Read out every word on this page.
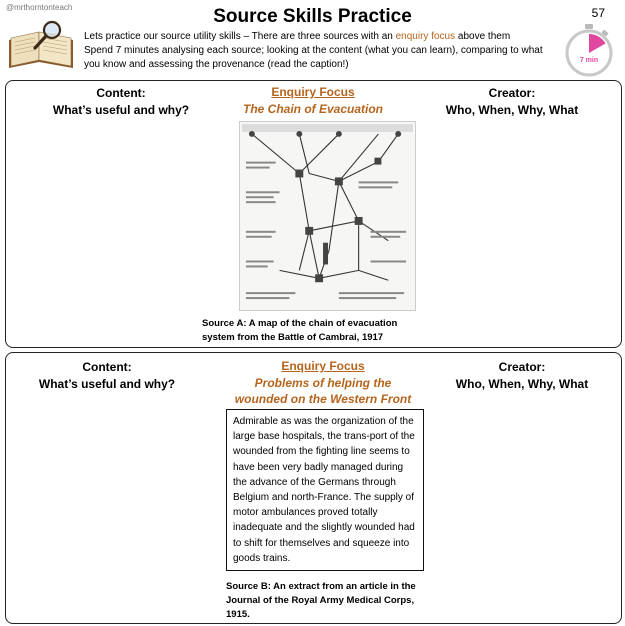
@mrthorntonteach	Source Skills Practice	57
Lets practice our source utility skills – There are three sources with an enquiry focus above them
Spend 7 minutes analysing each source; looking at the content (what you can learn), comparing to what you know and assessing the provenance (read the caption!)	7 min
Content:
What’s useful and why?
Enquiry Focus
The Chain of Evacuation
Creator:
Who, When, Why, What
Source A: A map of the chain of evacuation system from the Battle of Cambrai, 1917
Content:
What’s useful and why?
Enquiry Focus
Problems of helping the wounded on the Western Front
Creator:
Who, When, Why, What
Admirable as was the organization of the large base hospitals, the trans-port of the wounded from the fighting line seems to have been very badly managed during the advance of the Germans through Belgium and north-France. The supply of motor ambulances proved totally inadequate and the slightly wounded had to shift for themselves and squeeze into goods trains.
Source B: An extract from an article in the Journal of the Royal Army Medical Corps, 1915.
